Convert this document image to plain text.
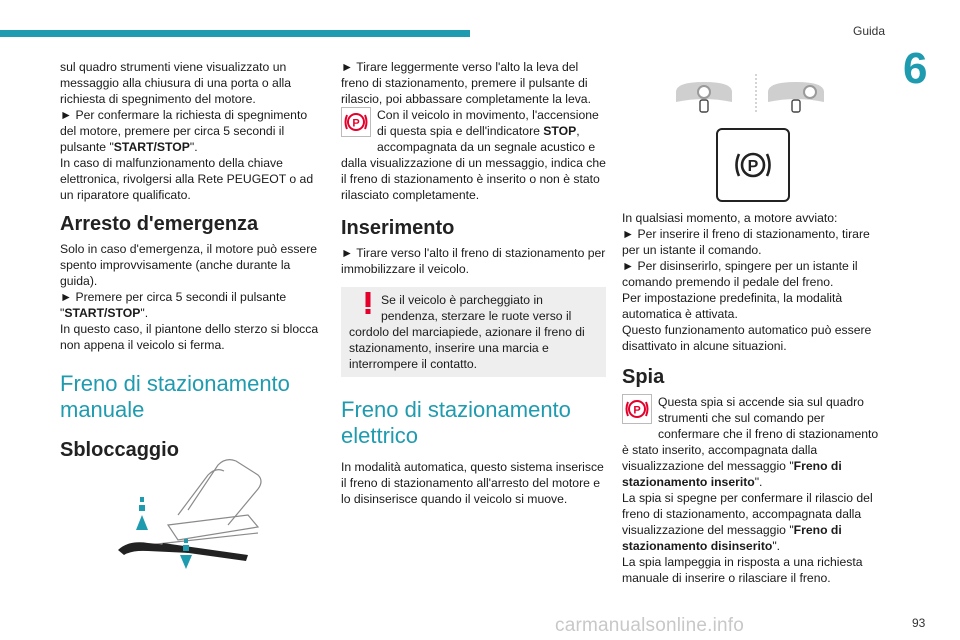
Guida
6
93
carmanualsonline.info

sul quadro strumenti viene visualizzato un messaggio alla chiusura di una porta o alla richiesta di spegnimento del motore.

► Per confermare la richiesta di spegnimento del motore, premere per circa 5 secondi il pulsante "START/STOP".

In caso di malfunzionamento della chiave elettronica, rivolgersi alla Rete PEUGEOT o ad un riparatore qualificato.

Arresto d'emergenza

Solo in caso d'emergenza, il motore può essere spento improvvisamente (anche durante la guida).

► Premere per circa 5 secondi il pulsante "START/STOP".

In questo caso, il piantone dello sterzo si blocca non appena il veicolo si ferma.

Freno di stazionamento manuale
Sbloccaggio

► Tirare leggermente verso l'alto la leva del freno di stazionamento, premere il pulsante di rilascio, poi abbassare completamente la leva.

P
Con il veicolo in movimento, l'accensione di questa spia e dell'indicatore STOP, accompagnata da un segnale acustico e dalla visualizzazione di un messaggio, indica che il freno di stazionamento è inserito o non è stato rilasciato completamente.

Inserimento

► Tirare verso l'alto il freno di stazionamento per immobilizzare il veicolo.

Se il veicolo è parcheggiato in pendenza, sterzare le ruote verso il cordolo del marciapiede, azionare il freno di stazionamento, inserire una marcia e interrompere il contatto.
Freno di stazionamento elettrico

In modalità automatica, questo sistema inserisce il freno di stazionamento all'arresto del motore e lo disinserisce quando il veicolo si muove.

P

In qualsiasi momento, a motore avviato:

► Per inserire il freno di stazionamento, tirare per un istante il comando.

► Per disinserirlo, spingere per un istante il comando premendo il pedale del freno.

Per impostazione predefinita, la modalità automatica è attivata.

Questo funzionamento automatico può essere disattivato in alcune situazioni.

Spia

P
Questa spia si accende sia sul quadro strumenti che sul comando per confermare che il freno di stazionamento è stato inserito, accompagnata dalla visualizzazione del messaggio "Freno di stazionamento inserito".

La spia si spegne per confermare il rilascio del freno di stazionamento, accompagnata dalla visualizzazione del messaggio "Freno di stazionamento disinserito".

La spia lampeggia in risposta a una richiesta manuale di inserire o rilasciare il freno.
